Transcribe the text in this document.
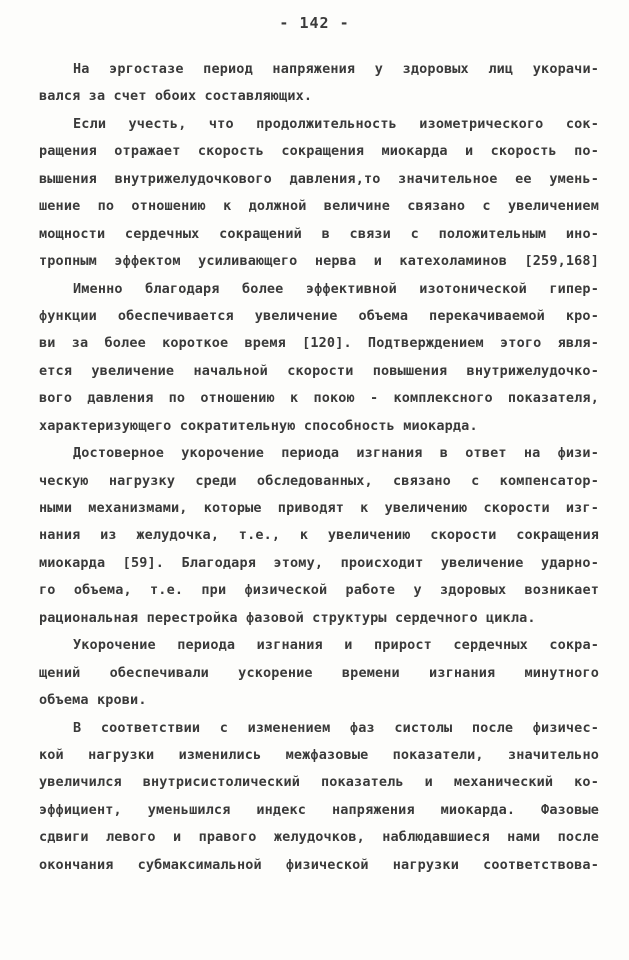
- 142 -
На эргостазе период напряжения у здоровых лиц укорачи-
вался за счет обоих составляющих.
Если учесть, что продолжительность изометрического сок-
ращения отражает скорость сокращения миокарда и скорость по-
вышения внутрижелудочкового давления,то значительное ее умень-
шение по отношению к должной величине связано с увеличением
мощности сердечных сокращений в связи с положительным ино-
тропным эффектом усиливающего нерва и катехоламинов [259,168]
Именно благодаря более эффективной изотонической гипер-
функции обеспечивается увеличение объема перекачиваемой кро-
ви за более короткое время [120]. Подтверждением этого явля-
ется увеличение начальной скорости повышения внутрижелудочко-
вого давления по отношению к покою - комплексного показателя,
характеризующего сократительную способность миокарда.
Достоверное укорочение периода изгнания в ответ на физи-
ческую нагрузку среди обследованных, связано с компенсатор-
ными механизмами, которые приводят к увеличению скорости изг-
нания из желудочка, т.е., к увеличению скорости сокращения
миокарда [59]. Благодаря этому, происходит увеличение ударно-
го объема, т.е. при физической работе у здоровых возникает
рациональная перестройка фазовой структуры сердечного цикла.
Укорочение периода изгнания и прирост сердечных сокра-
щений обеспечивали ускорение времени изгнания минутного
объема крови.
В соответствии с изменением фаз систолы после физичес-
кой нагрузки изменились межфазовые показатели, значительно
увеличился внутрисистолический показатель и механический ко-
эффициент, уменьшился индекс напряжения миокарда. Фазовые
сдвиги левого и правого желудочков, наблюдавшиеся нами после
окончания субмаксимальной физической нагрузки соответствова-
